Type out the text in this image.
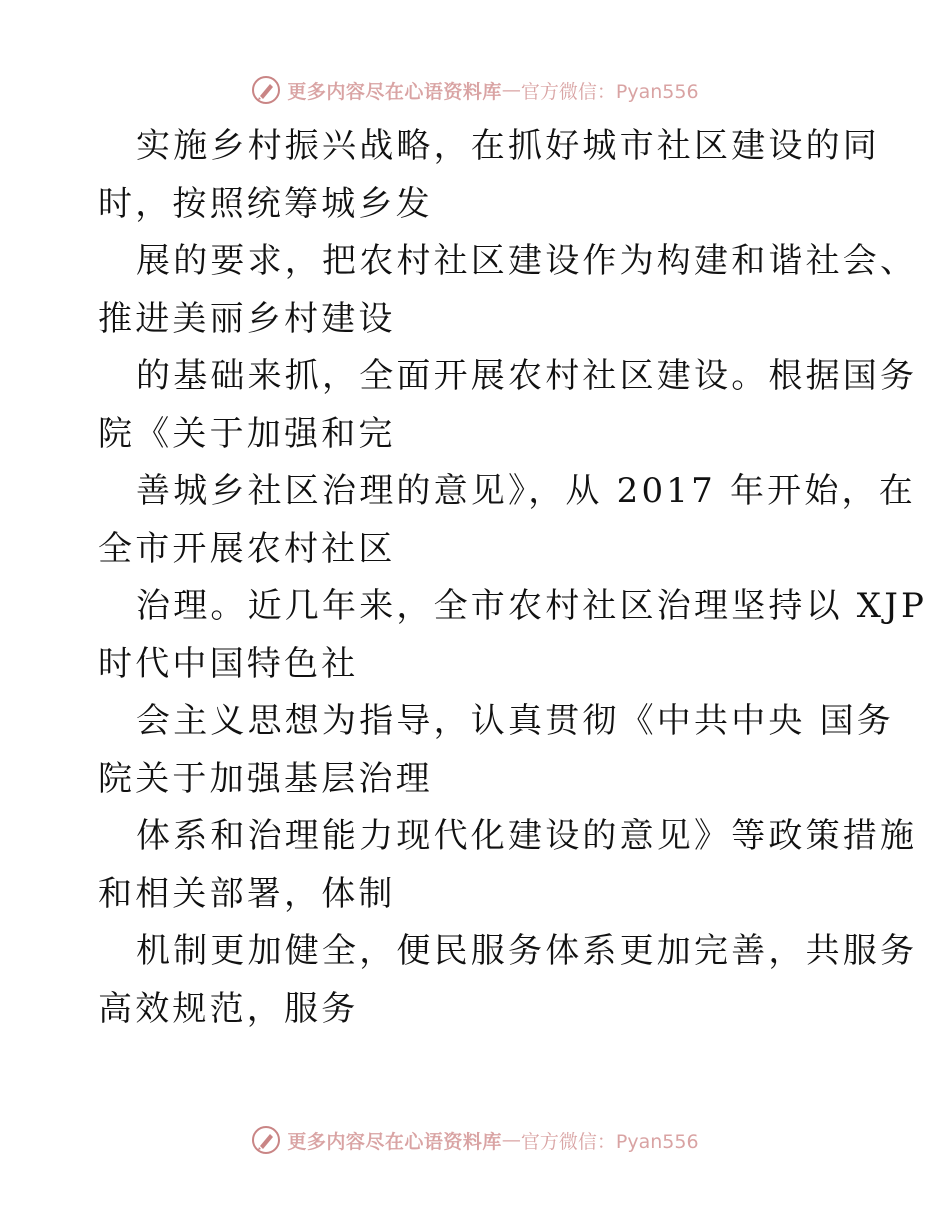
更多内容尽在心语资料库 — 官方微信：Pyan556
实施乡村振兴战略，在抓好城市社区建设的同
时，按照统筹城乡发
展的要求，把农村社区建设作为构建和谐社会、
推进美丽乡村建设
的基础来抓，全面开展农村社区建设。根据国务
院《关于加强和完
善城乡社区治理的意见》，从 2017 年开始，在
全市开展农村社区
治理。近几年来，全市农村社区治理坚持以 XJP
时代中国特色社
会主义思想为指导，认真贯彻《中共中央 国务
院关于加强基层治理
体系和治理能力现代化建设的意见》等政策措施
和相关部署，体制
机制更加健全，便民服务体系更加完善，共服务
高效规范，服务
更多内容尽在心语资料库 — 官方微信：Pyan556
